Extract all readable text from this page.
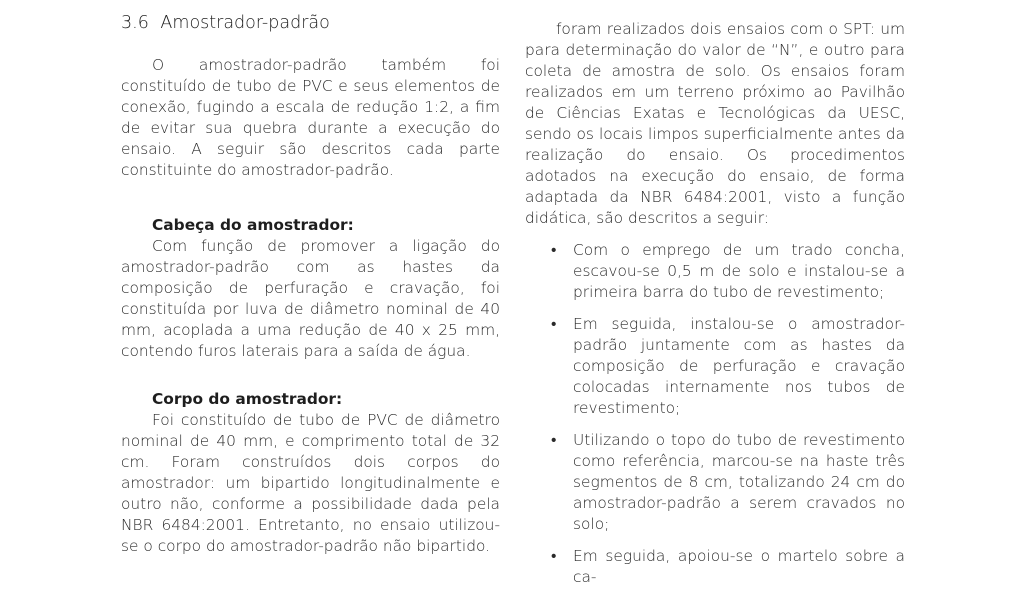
3.6 Amostrador-padrão

O amostrador-padrão também foi constituído de tubo de PVC e seus elementos de conexão, fugindo a escala de redução 1:2, a fim de evitar sua quebra durante a execução do ensaio. A seguir são descritos cada parte constituinte do amostrador-padrão.

Cabeça do amostrador:

Com função de promover a ligação do amostrador-padrão com as hastes da composição de perfuração e cravação, foi constituída por luva de diâmetro nominal de 40 mm, acoplada a uma redução de 40 x 25 mm, contendo furos laterais para a saída de água.

Corpo do amostrador:

Foi constituído de tubo de PVC de diâmetro nominal de 40 mm, e comprimento total de 32 cm. Foram construídos dois corpos do amostrador: um bipartido longitudinalmente e outro não, conforme a possibilidade dada pela NBR 6484:2001. Entretanto, no ensaio utilizou-se o corpo do amostrador-padrão não bipartido.

foram realizados dois ensaios com o SPT: um para determinação do valor de “N”, e outro para coleta de amostra de solo. Os ensaios foram realizados em um terreno próximo ao Pavilhão de Ciências Exatas e Tecnológicas da UESC, sendo os locais limpos superficialmente antes da realização do ensaio. Os procedimentos adotados na execução do ensaio, de forma adaptada da NBR 6484:2001, visto a função didática, são descritos a seguir:

• Com o emprego de um trado concha, escavou-se 0,5 m de solo e instalou-se a primeira barra do tubo de revestimento;

• Em seguida, instalou-se o amostrador-padrão juntamente com as hastes da composição de perfuração e cravação colocadas internamente nos tubos de revestimento;

• Utilizando o topo do tubo de revestimento como referência, marcou-se na haste três segmentos de 8 cm, totalizando 24 cm do amostrador-padrão a serem cravados no solo;

• Em seguida, apoiou-se o martelo sobre a ca-
